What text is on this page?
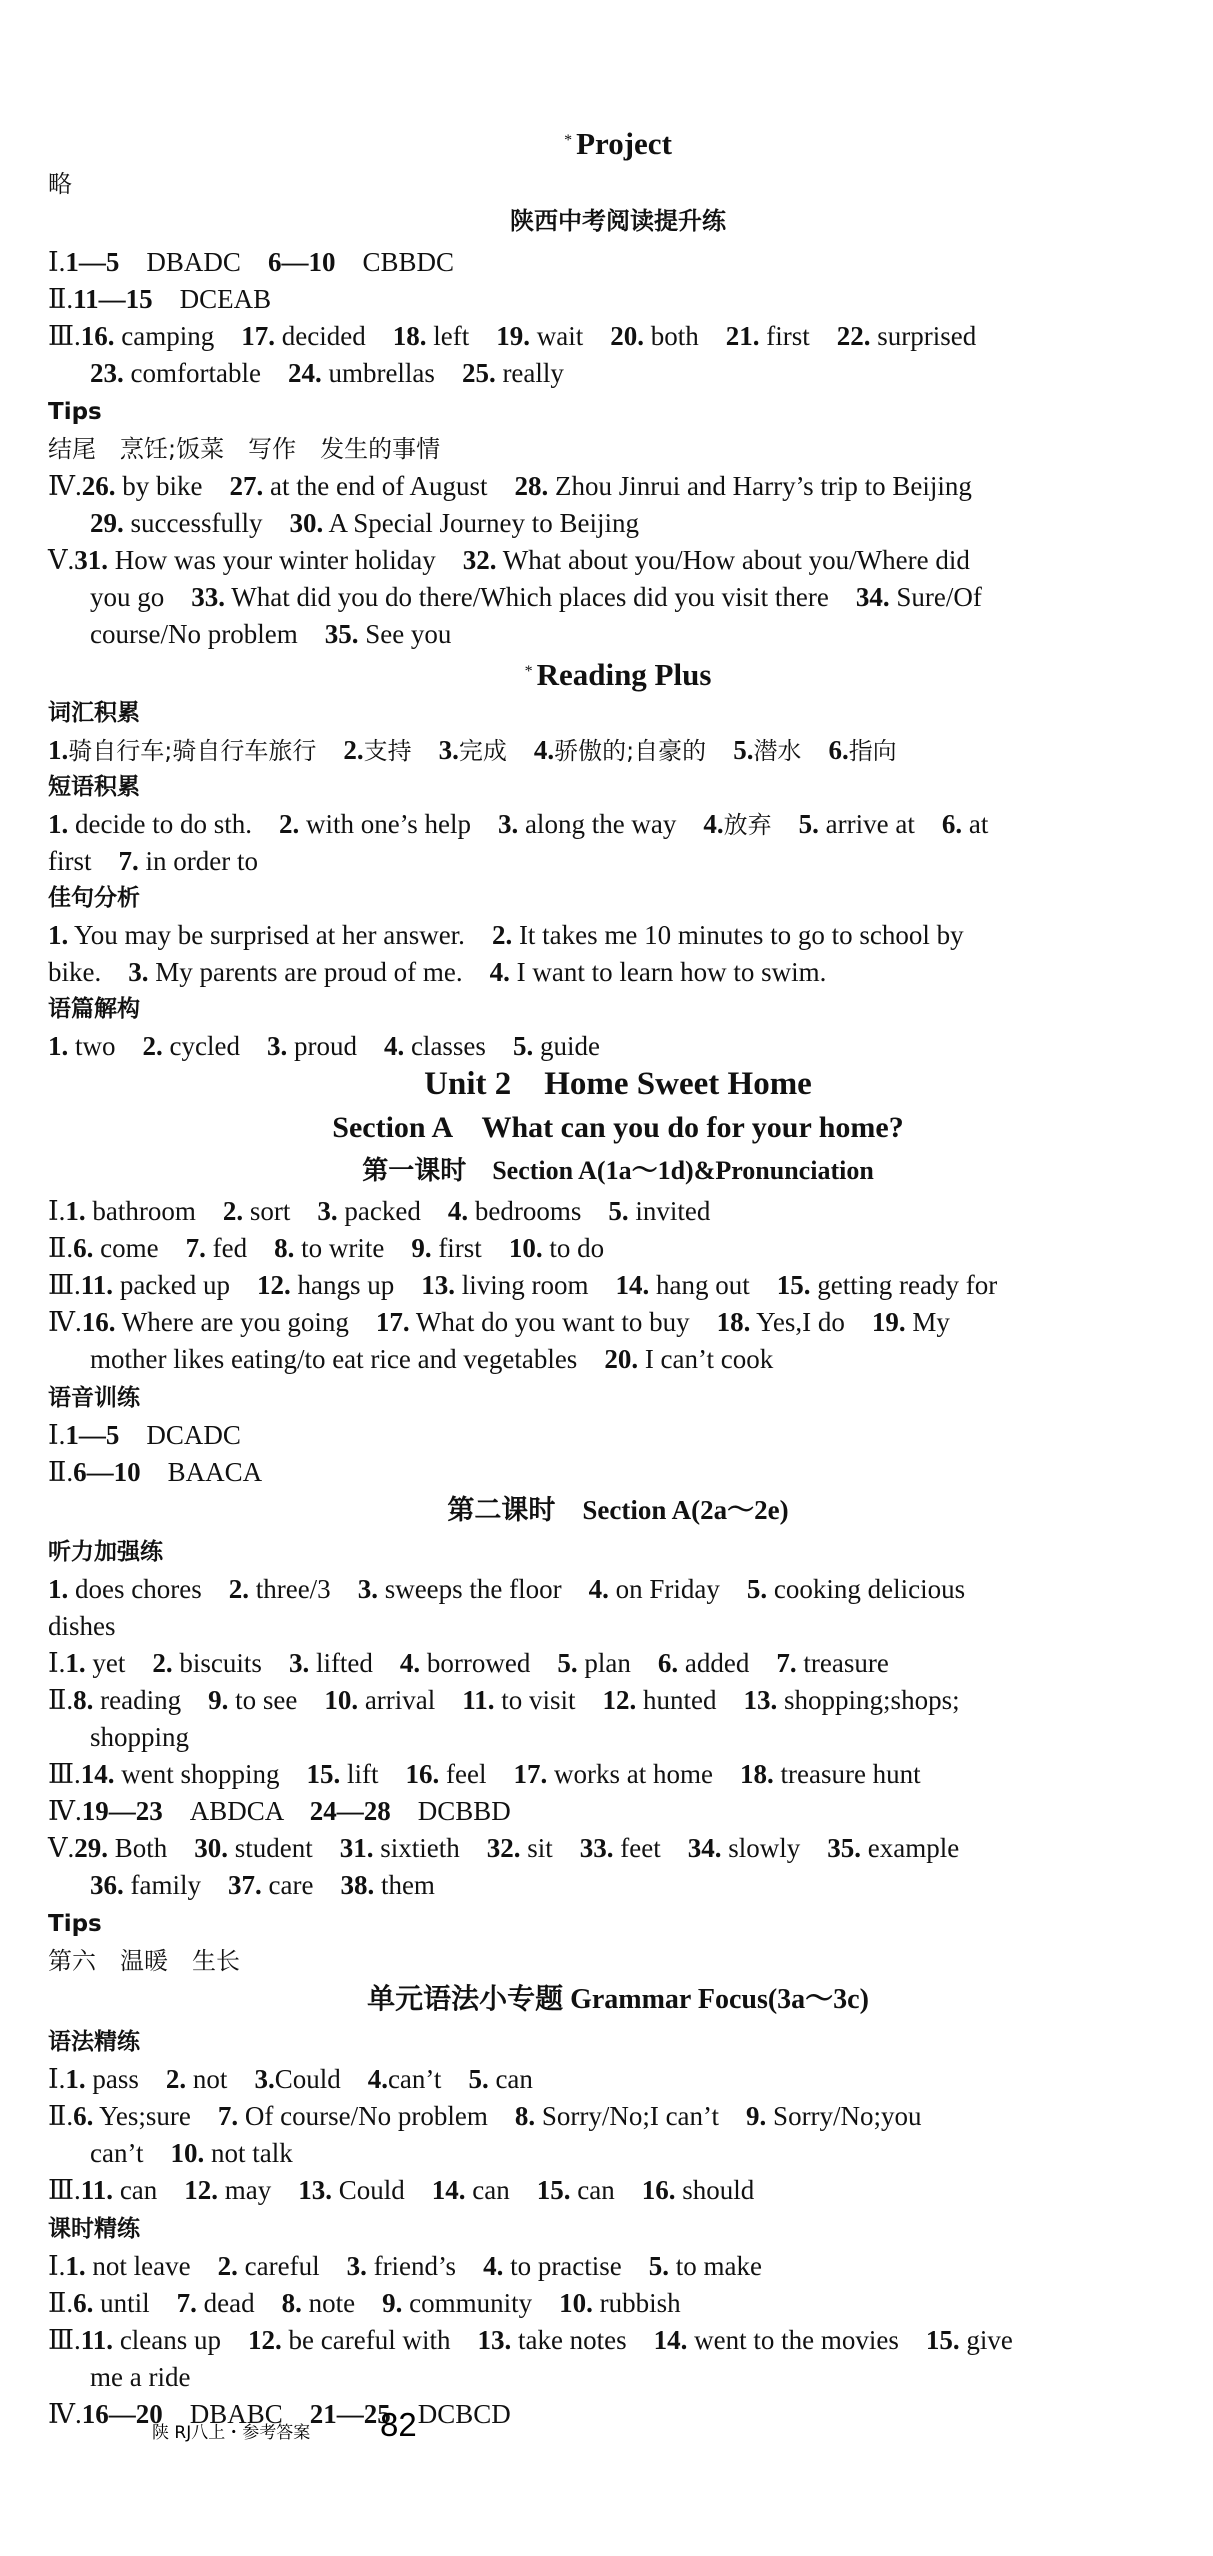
* Project
略
陕西中考阅读提升练
Ⅰ.1—5　 DBADC　 6—10　 CBBDC
Ⅱ.11—15　 DCEAB
Ⅲ.16. camping　 17. decided　 18. left　 19. wait　 20. both　 21. first　 22. surprised
23. comfortable　 24. umbrellas　 25. really
Tips
结尾　烹饪;饭菜　写作　发生的事情
Ⅳ.26. by bike　 27. at the end of August　 28. Zhou Jinrui and Harry’s trip to Beijing
29. successfully　 30. A Special Journey to Beijing
Ⅴ.31. How was your winter holiday　 32. What about you/How about you/Where did
you go　 33. What did you do there/Which places did you visit there　 34. Sure/Of
course/No problem　 35. See you
* Reading Plus
词汇积累
1.骑自行车;骑自行车旅行　 2.支持　 3.完成　 4.骄傲的;自豪的　 5.潜水　 6.指向
短语积累
1. decide to do sth.　 2. with one’s help　 3. along the way　 4.放弃　 5. arrive at　 6. at
first　 7. in order to
佳句分析
1. You may be surprised at her answer.　 2. It takes me 10 minutes to go to school by
bike.　 3. My parents are proud of me.　 4. I want to learn how to swim.
语篇解构
1. two　 2. cycled　 3. proud　 4. classes　 5. guide
Unit 2　Home Sweet Home
Section A　What can you do for your home?
第一课时　Section A(1a～1d)&Pronunciation
Ⅰ.1. bathroom　 2. sort　 3. packed　 4. bedrooms　 5. invited
Ⅱ.6. come　 7. fed　 8. to write　 9. first　 10. to do
Ⅲ.11. packed up　 12. hangs up　 13. living room　 14. hang out　 15. getting ready for
Ⅳ.16. Where are you going　 17. What do you want to buy　 18. Yes,I do　 19. My
mother likes eating/to eat rice and vegetables　 20. I can’t cook
语音训练
Ⅰ.1—5　 DCADC
Ⅱ.6—10　 BAACA
第二课时　Section A(2a～2e)
听力加强练
1. does chores　 2. three/3　 3. sweeps the floor　 4. on Friday　 5. cooking delicious
dishes
Ⅰ.1. yet　 2. biscuits　 3. lifted　 4. borrowed　 5. plan　 6. added　 7. treasure
Ⅱ.8. reading　 9. to see　 10. arrival　 11. to visit　 12. hunted　 13. shopping;shops;
shopping
Ⅲ.14. went shopping　 15. lift　 16. feel　 17. works at home　 18. treasure hunt
Ⅳ.19—23　 ABDCA　 24—28　 DCBBD
Ⅴ.29. Both　 30. student　 31. sixtieth　 32. sit　 33. feet　 34. slowly　 35. example
36. family　 37. care　 38. them
Tips
第六　温暖　生长
单元语法小专题 Grammar Focus(3a～3c)
语法精练
Ⅰ.1. pass　 2. not　 3.Could　 4.can’t　 5. can
Ⅱ.6. Yes;sure　 7. Of course/No problem　 8. Sorry/No;I can’t　 9. Sorry/No;you
can’t　 10. not talk
Ⅲ.11. can　 12. may　 13. Could　 14. can　 15. can　 16. should
课时精练
Ⅰ.1. not leave　 2. careful　 3. friend’s　 4. to practise　 5. to make
Ⅱ.6. until　 7. dead　 8. note　 9. community　 10. rubbish
Ⅲ.11. cleans up　 12. be careful with　 13. take notes　 14. went to the movies　 15. give
me a ride
Ⅳ.16—20　 DBABC　 21—25　 DCBCD
陕 RJ八上・参考答案 82
